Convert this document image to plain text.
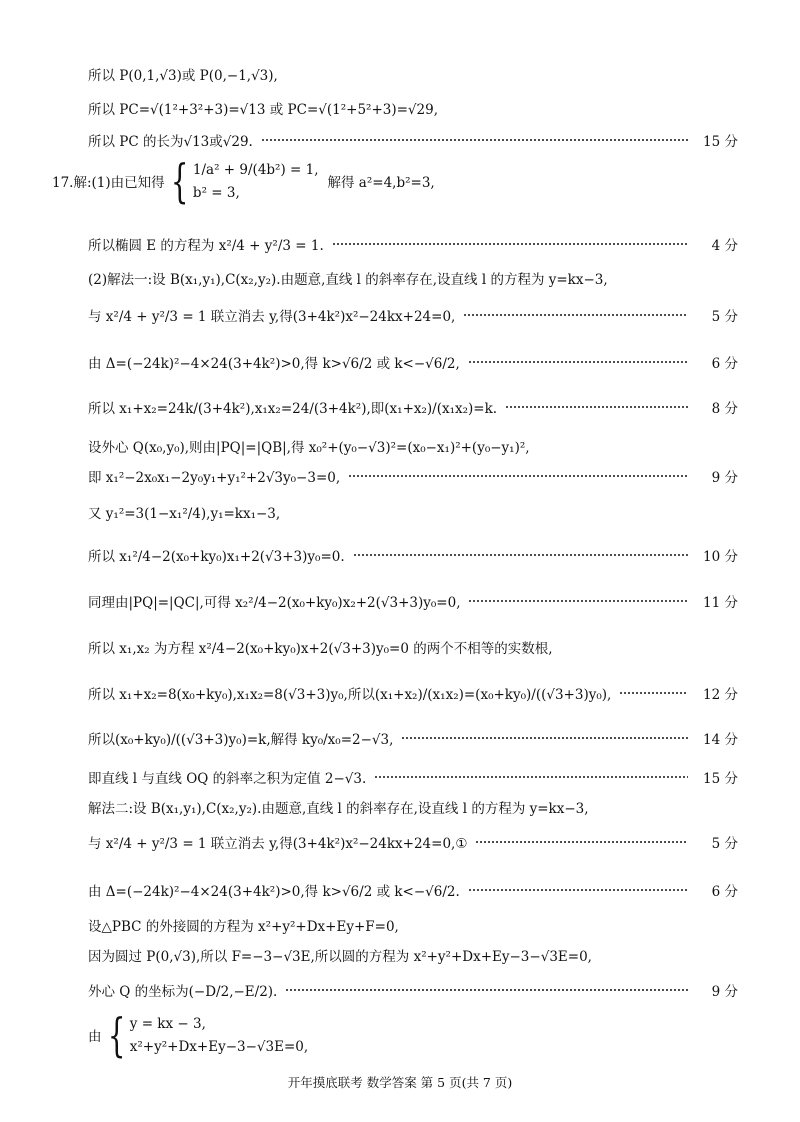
所以 P(0,1,√3)或 P(0,−1,√3),
所以 PC=√(1²+3²+3)=√13 或 PC=√(1²+5²+3)=√29,
所以 PC 的长为√13或√29.	15 分
17.解:(1)由已知得 { 1/a² + 9/(4b²) = 1,
b² = 3,
解得 a²=4,b²=3,
所以椭圆 E 的方程为 x²/4 + y²/3 = 1.	4 分
(2)解法一:设 B(x₁,y₁),C(x₂,y₂).由题意,直线 l 的斜率存在,设直线 l 的方程为 y=kx−3,
与 x²/4 + y²/3 = 1 联立消去 y,得(3+4k²)x²−24kx+24=0,	5 分
由 Δ=(−24k)²−4×24(3+4k²)>0,得 k>√6/2 或 k<−√6/2,	6 分
所以 x₁+x₂=24k/(3+4k²),x₁x₂=24/(3+4k²),即(x₁+x₂)/(x₁x₂)=k.	8 分
设外心 Q(x₀,y₀),则由|PQ|=|QB|,得 x₀²+(y₀−√3)²=(x₀−x₁)²+(y₀−y₁)²,
即 x₁²−2x₀x₁−2y₀y₁+y₁²+2√3y₀−3=0,	9 分
又 y₁²=3(1−x₁²/4),y₁=kx₁−3,
所以 x₁²/4−2(x₀+ky₀)x₁+2(√3+3)y₀=0.	10 分
同理由|PQ|=|QC|,可得 x₂²/4−2(x₀+ky₀)x₂+2(√3+3)y₀=0,	11 分
所以 x₁,x₂ 为方程 x²/4−2(x₀+ky₀)x+2(√3+3)y₀=0 的两个不相等的实数根,
所以 x₁+x₂=8(x₀+ky₀),x₁x₂=8(√3+3)y₀,所以(x₁+x₂)/(x₁x₂)=(x₀+ky₀)/((√3+3)y₀),	12 分
所以(x₀+ky₀)/((√3+3)y₀)=k,解得 ky₀/x₀=2−√3,	14 分
即直线 l 与直线 OQ 的斜率之积为定值 2−√3.	15 分
解法二:设 B(x₁,y₁),C(x₂,y₂).由题意,直线 l 的斜率存在,设直线 l 的方程为 y=kx−3,
与 x²/4 + y²/3 = 1 联立消去 y,得(3+4k²)x²−24kx+24=0,①	5 分
由 Δ=(−24k)²−4×24(3+4k²)>0,得 k>√6/2 或 k<−√6/2.	6 分
设△PBC 的外接圆的方程为 x²+y²+Dx+Ey+F=0,
因为圆过 P(0,√3),所以 F=−3−√3E,所以圆的方程为 x²+y²+Dx+Ey−3−√3E=0,
外心 Q 的坐标为(−D/2,−E/2).	9 分
由 { y = kx − 3,
x²+y²+Dx+Ey−3−√3E=0,
开年摸底联考 数学答案 第 5 页(共 7 页)
